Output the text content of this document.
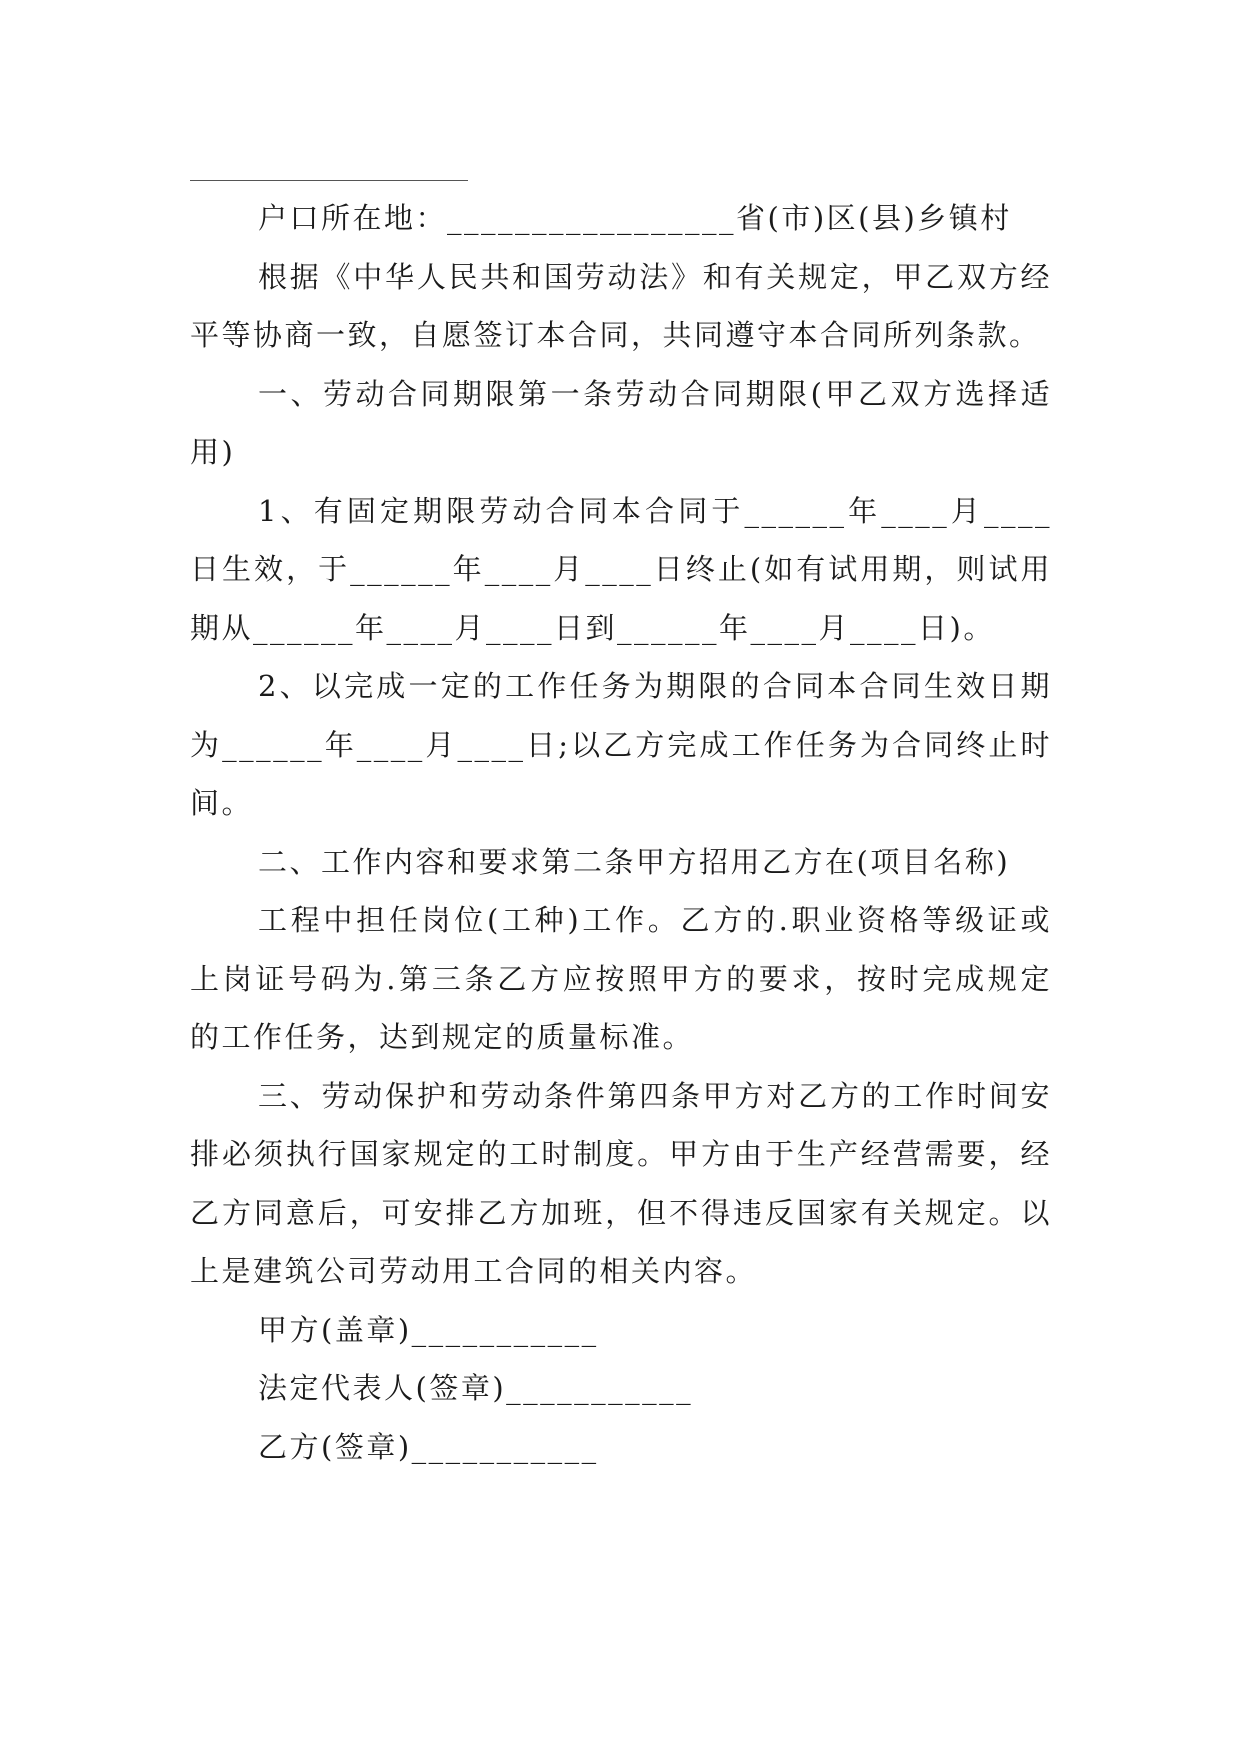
户口所在地：_________________省(市)区(县)乡镇村

根据《中华人民共和国劳动法》和有关规定，甲乙双方经平等协商一致，自愿签订本合同，共同遵守本合同所列条款。

一、劳动合同期限第一条劳动合同期限(甲乙双方选择适用)

1、有固定期限劳动合同本合同于______年____月____日生效，于______年____月____日终止(如有试用期，则试用期从______年____月____日到______年____月____日)。

2、以完成一定的工作任务为期限的合同本合同生效日期为______年____月____日;以乙方完成工作任务为合同终止时间。

二、工作内容和要求第二条甲方招用乙方在(项目名称)

工程中担任岗位(工种)工作。乙方的.职业资格等级证或上岗证号码为.第三条乙方应按照甲方的要求，按时完成规定的工作任务，达到规定的质量标准。

三、劳动保护和劳动条件第四条甲方对乙方的工作时间安排必须执行国家规定的工时制度。甲方由于生产经营需要，经乙方同意后，可安排乙方加班，但不得违反国家有关规定。以上是建筑公司劳动用工合同的相关内容。

甲方(盖章)___________

法定代表人(签章)___________

乙方(签章)___________
